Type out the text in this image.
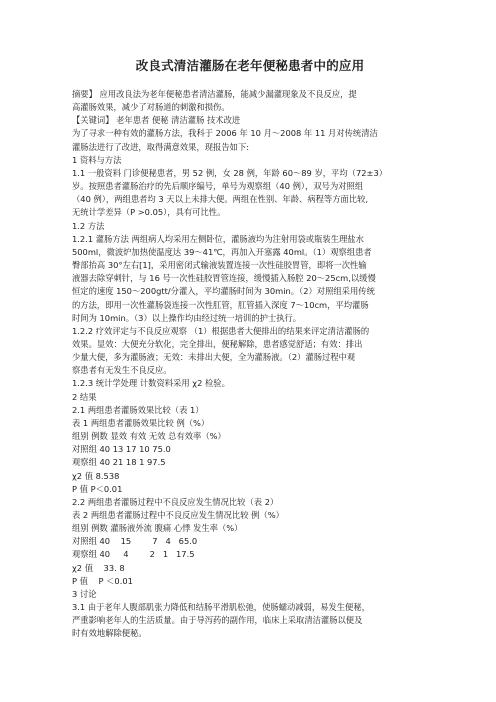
改良式清洁灌肠在老年便秘患者中的应用
摘要】 应用改良法为老年便秘患者清洁灌肠，能减少漏灌现象及不良反应，提
高灌肠效果，减少了对肠道的刺激和损伤。
【关键词】 老年患者 便秘 清洁灌肠 技术改进
为了寻求一种有效的灌肠方法，我科于 2006 年 10 月～2008 年 11 月对传统清洁
灌肠法进行了改进，取得满意效果，现报告如下:
1 资料与方法
1.1 一般资料 门诊便秘患者，男 52 例，女 28 例，年龄 60～89 岁，平均（72±3）
岁。按照患者灌肠治疗的先后顺序编号，单号为观察组（40 例），双号为对照组
（40 例），两组患者均 3 天以上未排大便。两组在性别、年龄、病程等方面比较,
无统计学差异（P >0.05），具有可比性。
1.2 方法
1.2.1 灌肠方法 两组病人均采用左侧卧位，灌肠液均为注射用袋或瓶装生理盐水
500ml，微波炉加热使温度达 39～41℃，再加入开塞露 40ml。（1）观察组患者
臀部抬高 30°左右[1]，采用密闭式输液装置连接一次性硅胶胃管，即将一次性输
液器去除穿刺针，与 16 号一次性硅胶胃管连接，缓慢插入肠腔 20～25cm,以缓慢
恒定的速度 150～200gtt/分灌入，平均灌肠时间为 30min。（2）对照组采用传统
的方法，即用一次性灌肠袋连接一次性肛管，肛管插入深度 7～10cm，平均灌肠
时间为 10min。（3）以上操作均由经过统一培训的护士执行。
1.2.2 疗效评定与不良反应观察 （1）根据患者大便排出的结果来评定清洁灌肠的
效果。显效：大便充分软化，完全排出，便秘解除，患者感觉舒适；有效：排出
少量大便，多为灌肠液；无效：未排出大便，全为灌肠液。（2）灌肠过程中观
察患者有无发生不良反应。
1.2.3 统计学处理 计数资料采用 χ2 检验。
2 结果
2.1 两组患者灌肠效果比较（表 1）
表 1 两组患者灌肠效果比较 例（%）
组别 例数 显效 有效 无效 总有效率（%）
对照组 40 13 17 10 75.0
观察组 40 21 18 1 97.5
χ2 值 8.538
P 值 P＜0.01
2.2 两组患者灌肠过程中不良反应发生情况比较（表 2）
表 2 两组患者灌肠过程中不良反应发生情况比较 例（%）
组别 例数 灌肠液外流 腹痛 心悸 发生率（%）
对照组 40    15        7   4   65.0
观察组 40     4        2   1   17.5
χ2 值    33. 8
P 值    P ＜0.01
3 讨论
3.1 由于老年人腹部肌张力降低和结肠平滑肌松弛，使肠蠕动减弱，易发生便秘，
严重影响老年人的生活质量。由于导泻药的副作用，临床上采取清洁灌肠以便及
时有效地解除便秘。
